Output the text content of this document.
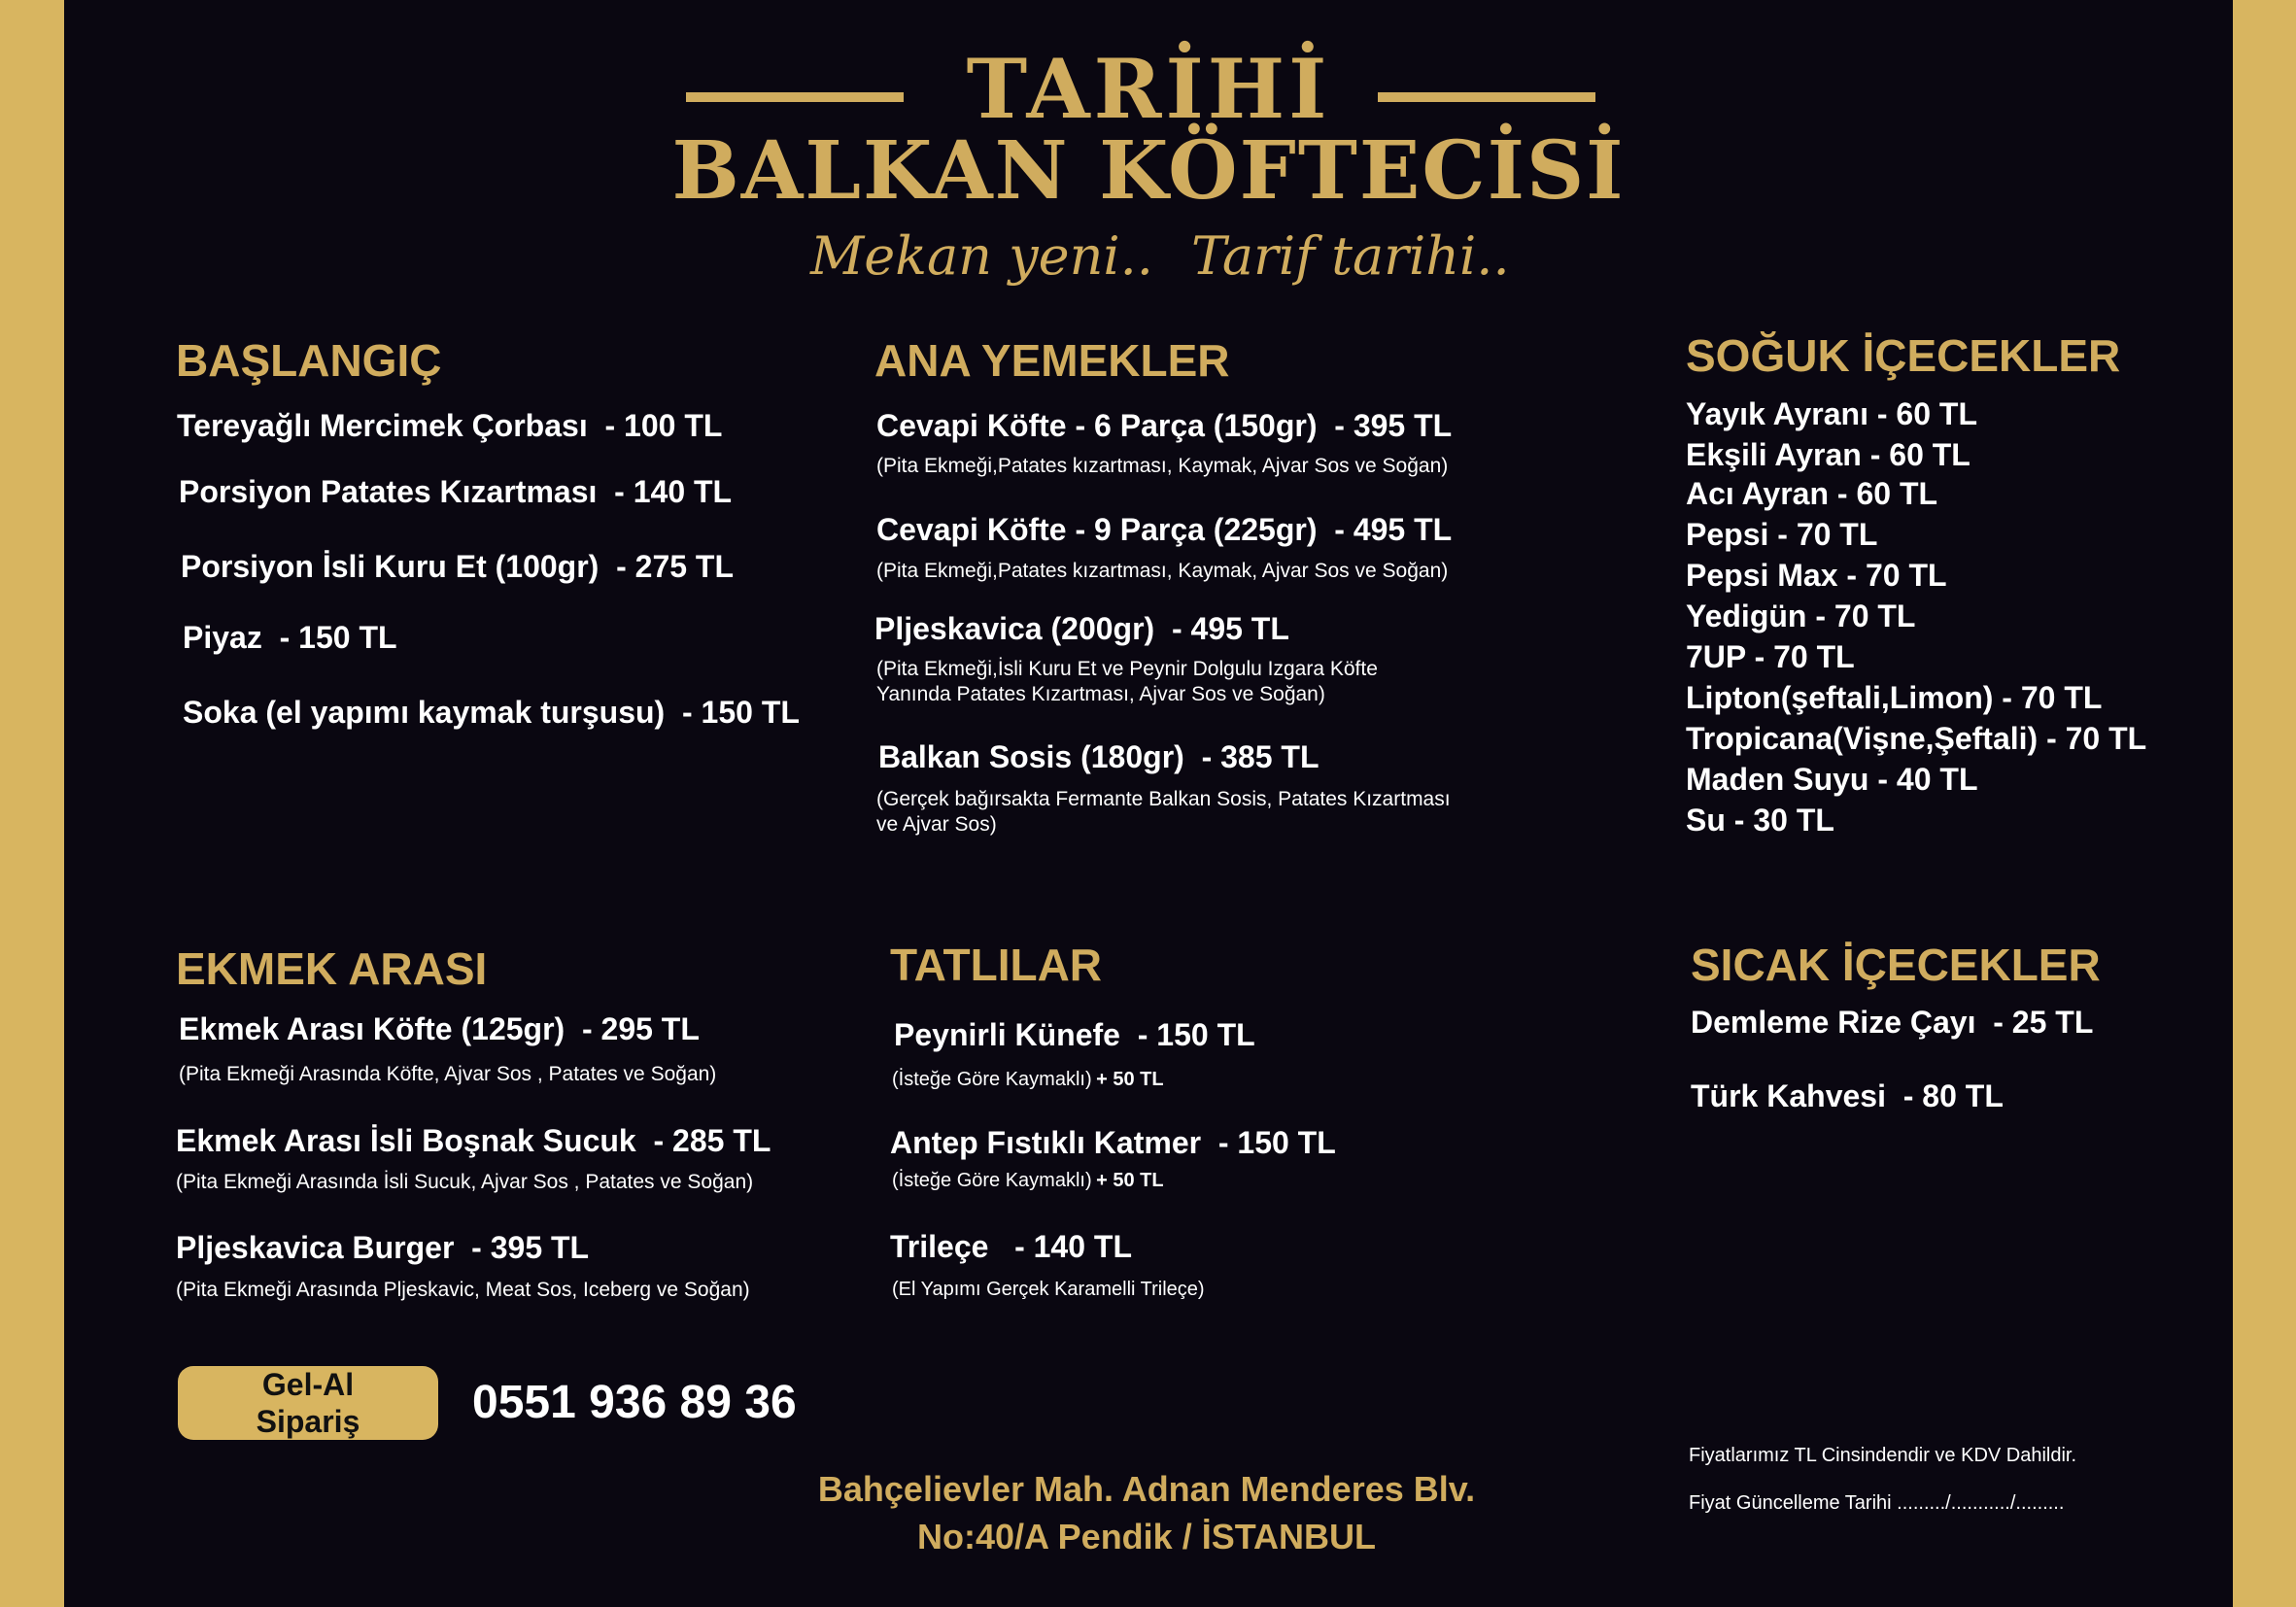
TARİHİ
BALKAN KÖFTECİSİ
Mekan yeni.. Tarif tarihi..
BAŞLANGIÇ
Tereyağlı Mercimek Çorbası - 100 TL
Porsiyon Patates Kızartması - 140 TL
Porsiyon İsli Kuru Et (100gr) - 275 TL
Piyaz - 150 TL
Soka (el yapımı kaymak turşusu) - 150 TL
ANA YEMEKLER
Cevapi Köfte - 6 Parça (150gr) - 395 TL
(Pita Ekmeği,Patates kızartması, Kaymak, Ajvar Sos ve Soğan)
Cevapi Köfte - 9 Parça (225gr) - 495 TL
(Pita Ekmeği,Patates kızartması, Kaymak, Ajvar Sos ve Soğan)
Pljeskavica (200gr) - 495 TL
(Pita Ekmeği,İsli Kuru Et ve Peynir Dolgulu Izgara Köfte
Yanında Patates Kızartması, Ajvar Sos ve Soğan)
Balkan Sosis (180gr) - 385 TL
(Gerçek bağırsakta Fermante Balkan Sosis, Patates Kızartması
ve Ajvar Sos)
SOĞUK İÇECEKLER
Yayık Ayranı - 60 TL
Ekşili Ayran - 60 TL
Acı Ayran - 60 TL
Pepsi - 70 TL
Pepsi Max - 70 TL
Yedigün - 70 TL
7UP - 70 TL
Lipton(şeftali,Limon) - 70 TL
Tropicana(Vişne,Şeftali) - 70 TL
Maden Suyu - 40 TL
Su - 30 TL
EKMEK ARASI
Ekmek Arası Köfte (125gr) - 295 TL
(Pita Ekmeği Arasında Köfte, Ajvar Sos , Patates ve Soğan)
Ekmek Arası İsli Boşnak Sucuk - 285 TL
(Pita Ekmeği Arasında İsli Sucuk, Ajvar Sos , Patates ve Soğan)
Pljeskavica Burger - 395 TL
(Pita Ekmeği Arasında Pljeskavic, Meat Sos, Iceberg ve Soğan)
TATLILAR
Peynirli Künefe - 150 TL
(İsteğe Göre Kaymaklı) + 50 TL
Antep Fıstıklı Katmer - 150 TL
(İsteğe Göre Kaymaklı) + 50 TL
Trileçe - 140 TL
(El Yapımı Gerçek Karamelli Trileçe)
SICAK İÇECEKLER
Demleme Rize Çayı - 25 TL
Türk Kahvesi - 80 TL
Gel-Al
Sipariş 0551 936 89 36
Bahçelievler Mah. Adnan Menderes Blv.
No:40/A Pendik / İSTANBUL
Fiyatlarımız TL Cinsindendir ve KDV Dahildir.
Fiyat Güncelleme Tarihi ........./.........../.........
